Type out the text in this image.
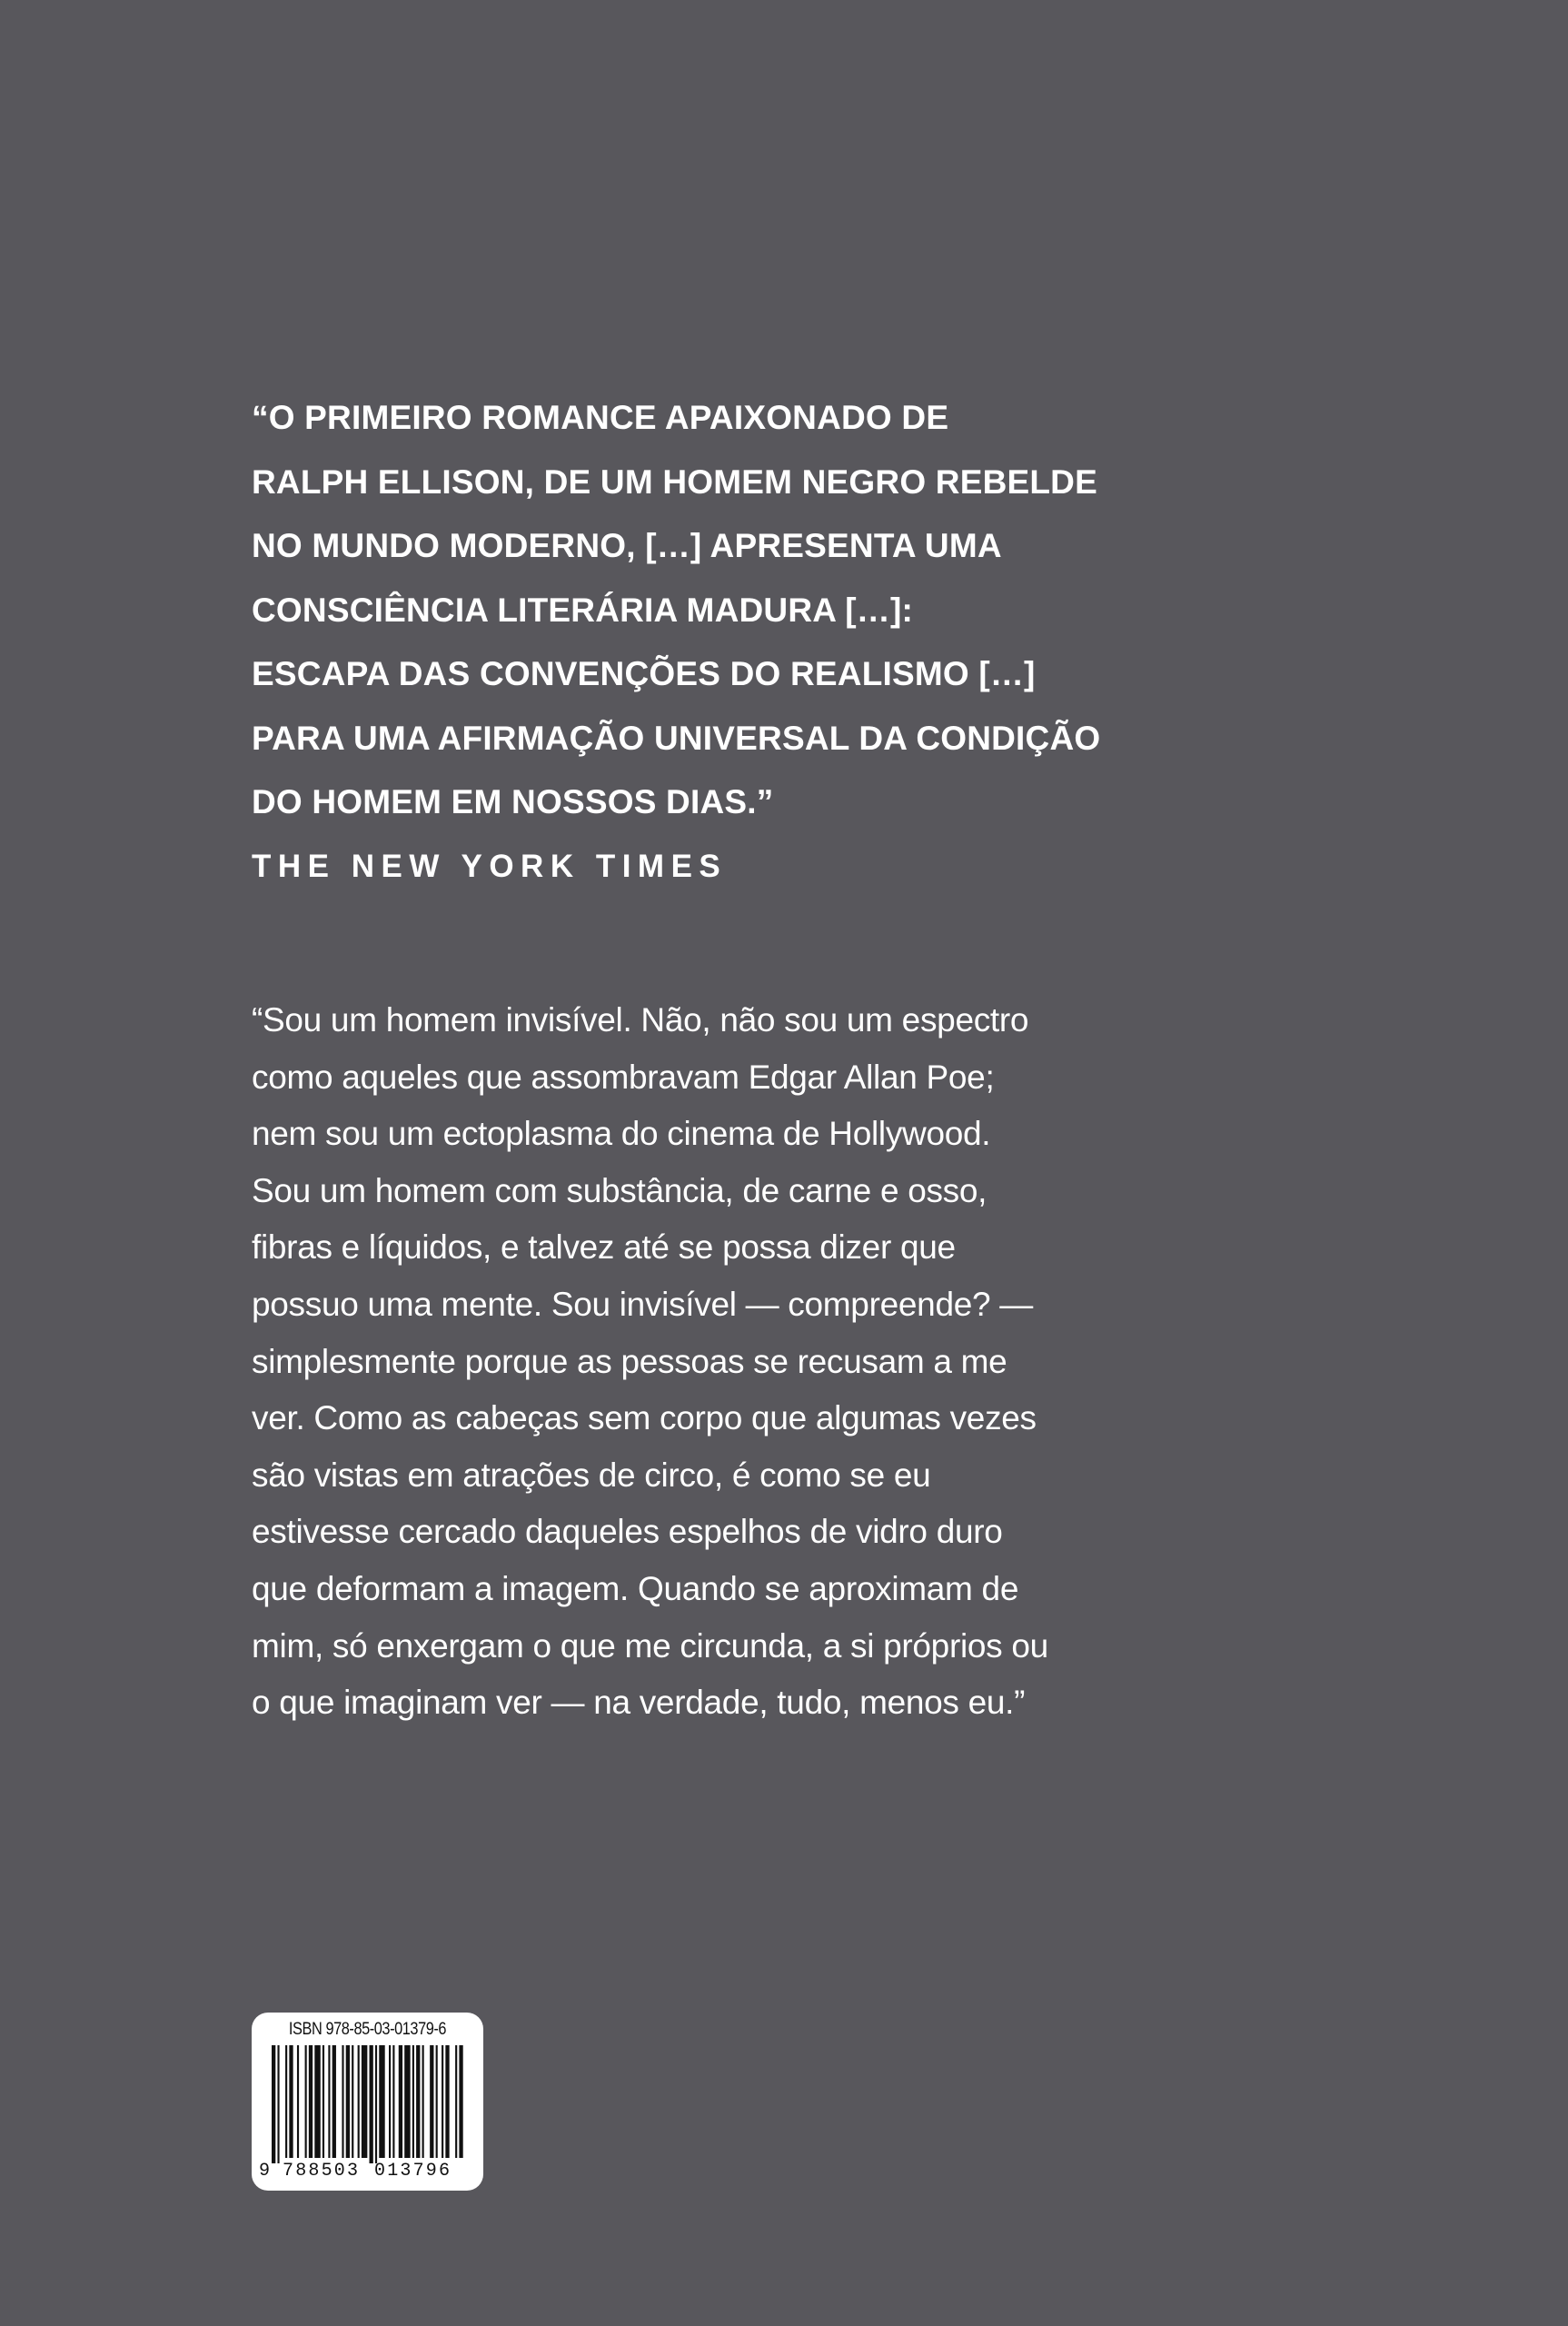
“O PRIMEIRO ROMANCE APAIXONADO DE
RALPH ELLISON, DE UM HOMEM NEGRO REBELDE
NO MUNDO MODERNO, […] APRESENTA UMA
CONSCIÊNCIA LITERÁRIA MADURA […]:
ESCAPA DAS CONVENÇÕES DO REALISMO […]
PARA UMA AFIRMAÇÃO UNIVERSAL DA CONDIÇÃO
DO HOMEM EM NOSSOS DIAS.”
THE NEW YORK TIMES
“Sou um homem invisível. Não, não sou um espectro
como aqueles que assombravam Edgar Allan Poe;
nem sou um ectoplasma do cinema de Hollywood.
Sou um homem com substância, de carne e osso,
fibras e líquidos, e talvez até se possa dizer que
possuo uma mente. Sou invisível — compreende? —
simplesmente porque as pessoas se recusam a me
ver. Como as cabeças sem corpo que algumas vezes
são vistas em atrações de circo, é como se eu
estivesse cercado daqueles espelhos de vidro duro
que deformam a imagem. Quando se aproximam de
mim, só enxergam o que me circunda, a si próprios ou
o que imaginam ver — na verdade, tudo, menos eu.”
ISBN 978-85-03-01379-6
9 788503 013796
